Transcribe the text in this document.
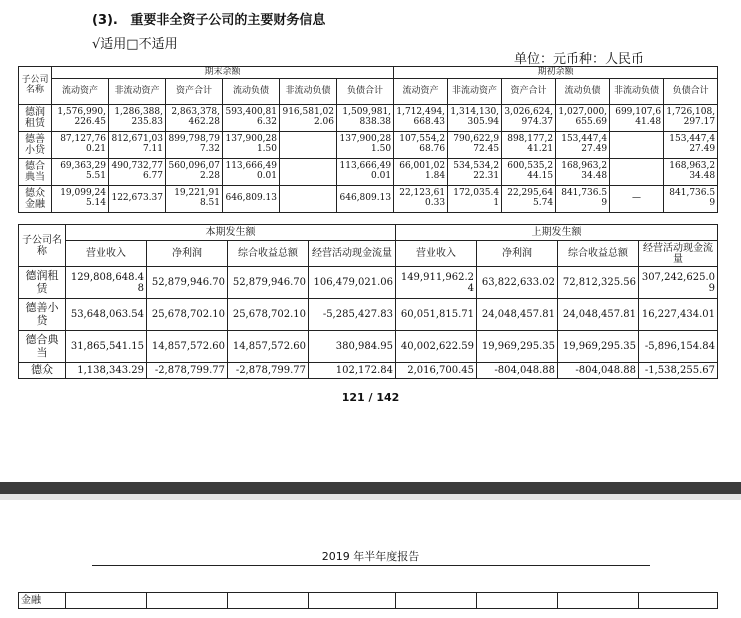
(3). 重要非全资子公司的主要财务信息
√适用□不适用
单位：元币种：人民币
子公司名称	期末余额						期初余额					
	流动资产	非流动资产	资产合计	流动负债	非流动负债	负债合计	流动资产	非流动资产	资产合计	流动负债	非流动负债	负债合计
德润租赁	1,576,990,226.45	1,286,388,235.83	2,863,378,462.28	593,400,816.32	916,581,022.06	1,509,981,838.38	1,712,494,668.43	1,314,130,305.94	3,026,624,974.37	1,027,000,655.69	699,107,641.48	1,726,108,297.17
德善小贷	87,127,760.21	812,671,037.11	899,798,797.32	137,900,281.50		137,900,281.50	107,554,268.76	790,622,972.45	898,177,241.21	153,447,427.49		153,447,427.49
德合典当	69,363,295.51	490,732,776.77	560,096,072.28	113,666,490.01		113,666,490.01	66,001,021.84	534,534,222.31	600,535,244.15	168,963,234.48		168,963,234.48
德众金融	19,099,245.14	122,673.37	19,221,918.51	646,809.13		646,809.13	22,123,610.33	172,035.41	22,295,645.74	841,736.59	—	841,736.59
子公司名称	本期发生额				上期发生额			
	营业收入	净利润	综合收益总额	经营活动现金流量	营业收入	净利润	综合收益总额	经营活动现金流量
德润租赁	129,808,648.48	52,879,946.70	52,879,946.70	106,479,021.06	149,911,962.24	63,822,633.02	72,812,325.56	307,242,625.09
德善小贷	53,648,063.54	25,678,702.10	25,678,702.10	-5,285,427.83	60,051,815.71	24,048,457.81	24,048,457.81	16,227,434.01
德合典当	31,865,541.15	14,857,572.60	14,857,572.60	380,984.95	40,002,622.59	19,969,295.35	19,969,295.35	-5,896,154.84
德众	1,138,343.29	-2,878,799.77	-2,878,799.77	102,172.84	2,016,700.45	-804,048.88	-804,048.88	-1,538,255.67
121 / 142
2019 年半年度报告
金融								
